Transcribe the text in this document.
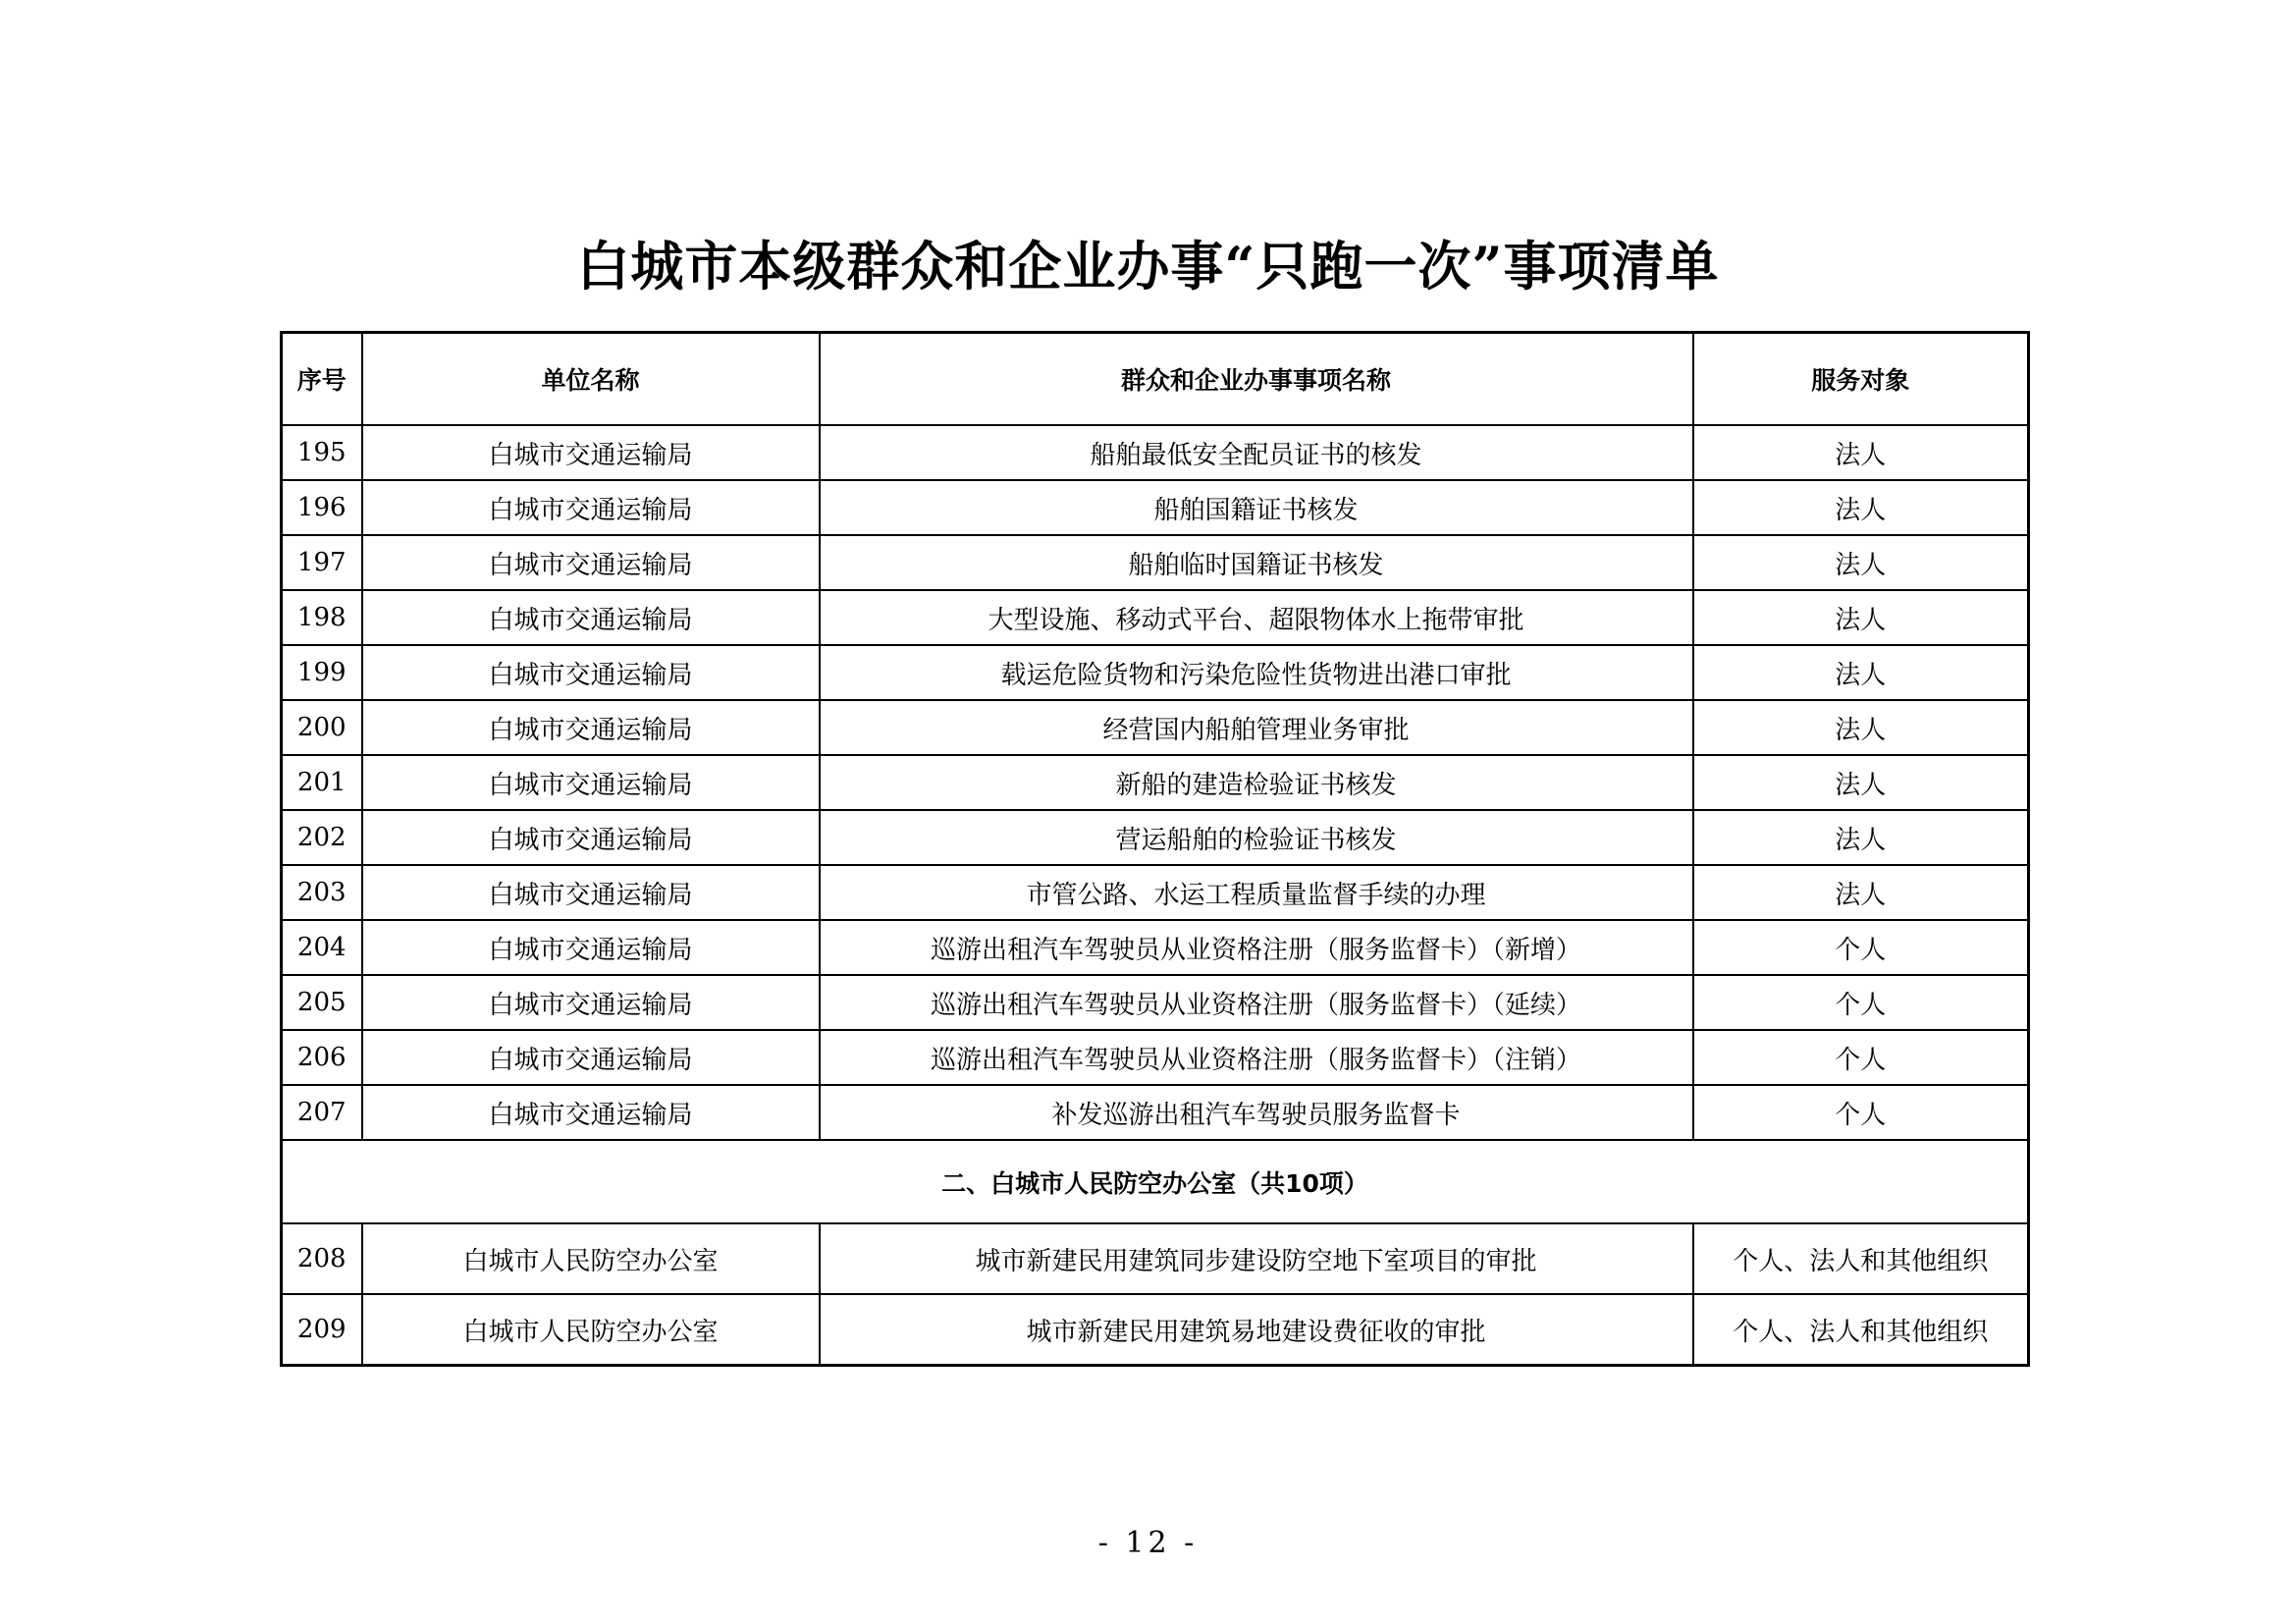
白城市本级群众和企业办事“只跑一次”事项清单
序号	单位名称	群众和企业办事事项名称	服务对象
195	白城市交通运输局	船舶最低安全配员证书的核发	法人
196	白城市交通运输局	船舶国籍证书核发	法人
197	白城市交通运输局	船舶临时国籍证书核发	法人
198	白城市交通运输局	大型设施、移动式平台、超限物体水上拖带审批	法人
199	白城市交通运输局	载运危险货物和污染危险性货物进出港口审批	法人
200	白城市交通运输局	经营国内船舶管理业务审批	法人
201	白城市交通运输局	新船的建造检验证书核发	法人
202	白城市交通运输局	营运船舶的检验证书核发	法人
203	白城市交通运输局	市管公路、水运工程质量监督手续的办理	法人
204	白城市交通运输局	巡游出租汽车驾驶员从业资格注册（服务监督卡）（新增）	个人
205	白城市交通运输局	巡游出租汽车驾驶员从业资格注册（服务监督卡）（延续）	个人
206	白城市交通运输局	巡游出租汽车驾驶员从业资格注册（服务监督卡）（注销）	个人
207	白城市交通运输局	补发巡游出租汽车驾驶员服务监督卡	个人
二、白城市人民防空办公室（共10项）			
208	白城市人民防空办公室	城市新建民用建筑同步建设防空地下室项目的审批	个人、法人和其他组织
209	白城市人民防空办公室	城市新建民用建筑易地建设费征收的审批	个人、法人和其他组织
- 12 -
